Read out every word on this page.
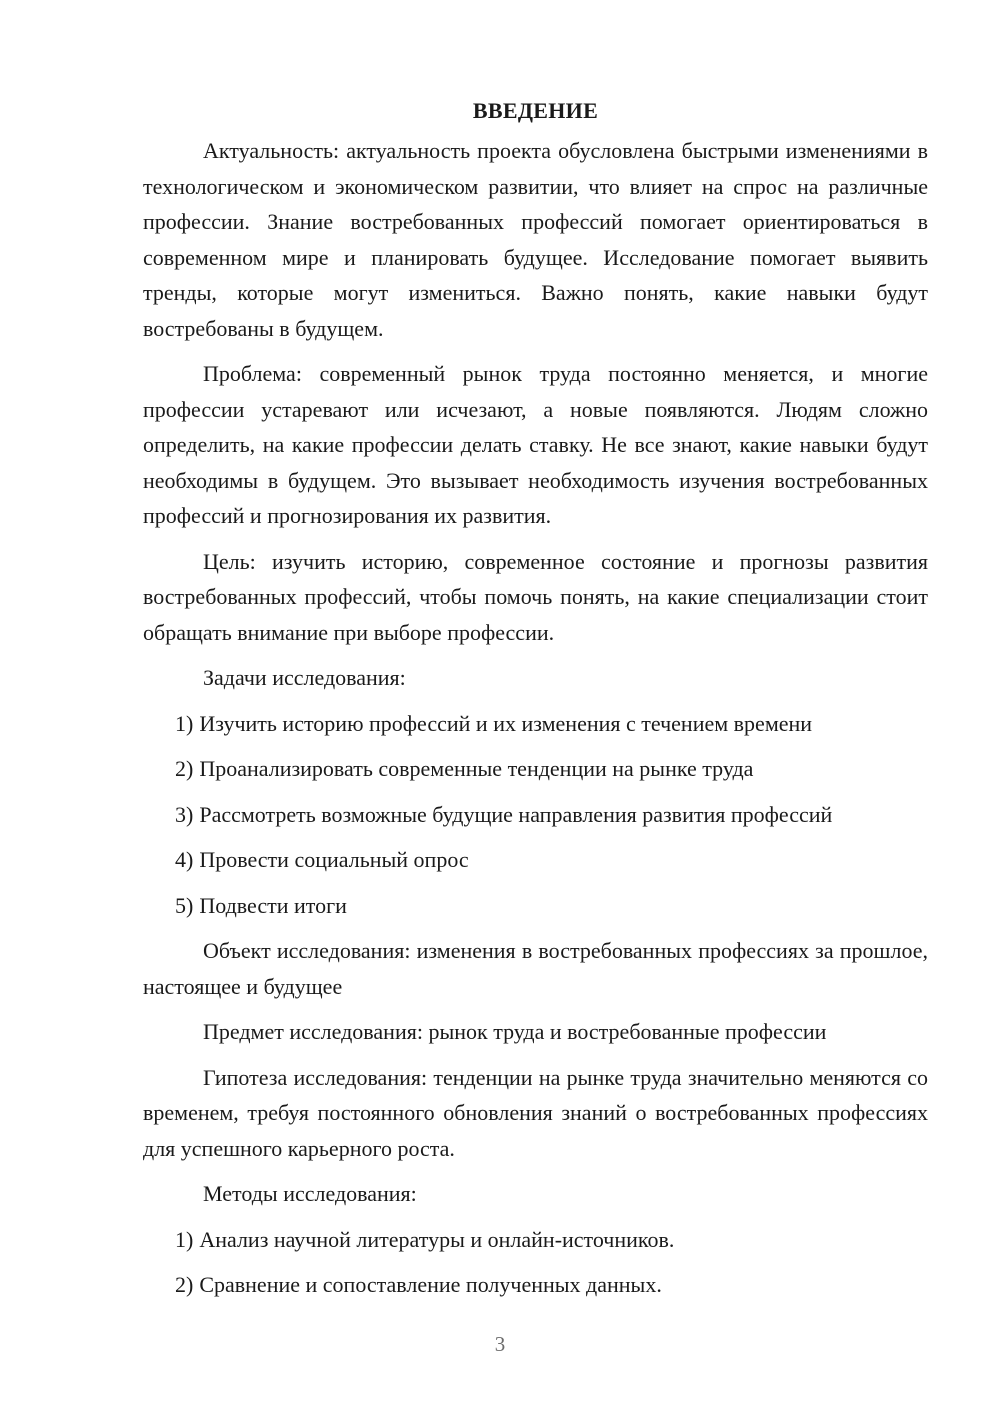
ВВЕДЕНИЕ

Актуальность: актуальность проекта обусловлена быстрыми изменениями в технологическом и экономическом развитии, что влияет на спрос на различные профессии. Знание востребованных профессий помогает ориентироваться в современном мире и планировать будущее. Исследование помогает выявить тренды, которые могут измениться. Важно понять, какие навыки будут востребованы в будущем.

Проблема: современный рынок труда постоянно меняется, и многие профессии устаревают или исчезают, а новые появляются. Людям сложно определить, на какие профессии делать ставку. Не все знают, какие навыки будут необходимы в будущем. Это вызывает необходимость изучения востребованных профессий и прогнозирования их развития.

Цель: изучить историю, современное состояние и прогнозы развития востребованных профессий, чтобы помочь понять, на какие специализации стоит обращать внимание при выборе профессии.

Задачи исследования:

1) Изучить историю профессий и их изменения с течением времени
2) Проанализировать современные тенденции на рынке труда
3) Рассмотреть возможные будущие направления развития профессий
4) Провести социальный опрос
5) Подвести итоги

Объект исследования: изменения в востребованных профессиях за прошлое, настоящее и будущее

Предмет исследования: рынок труда и востребованные профессии

Гипотеза исследования: тенденции на рынке труда значительно меняются со временем, требуя постоянного обновления знаний о востребованных профессиях для успешного карьерного роста.

Методы исследования:

1) Анализ научной литературы и онлайн-источников.
2) Сравнение и сопоставление полученных данных.
3
